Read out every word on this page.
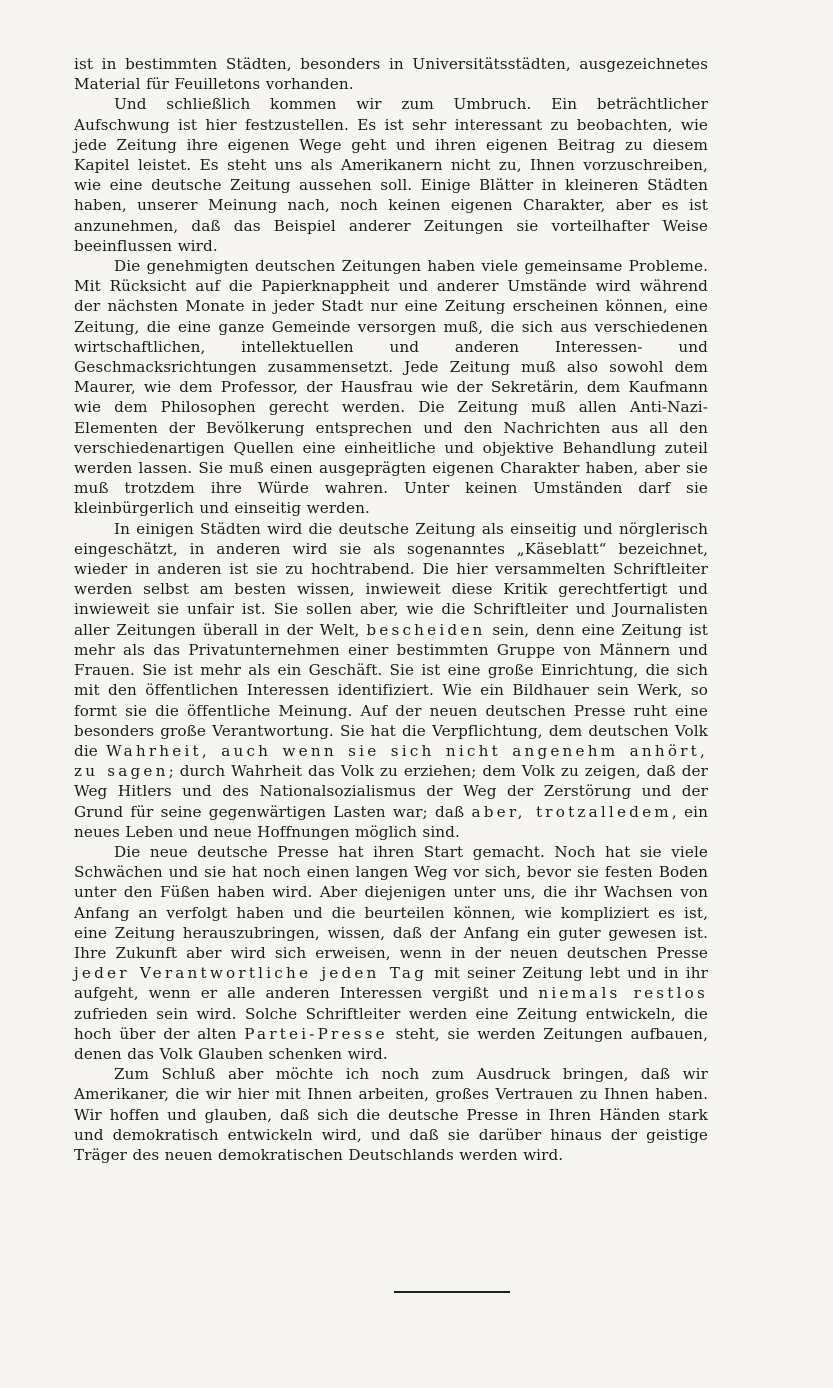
ist in bestimmten Städten, besonders in Universitätsstädten, ausgezeichnetes Material für Feuilletons vorhanden.

Und schließlich kommen wir zum Umbruch. Ein beträchtlicher Aufschwung ist hier festzustellen. Es ist sehr interessant zu beobachten, wie jede Zeitung ihre eigenen Wege geht und ihren eigenen Beitrag zu diesem Kapitel leistet. Es steht uns als Amerikanern nicht zu, Ihnen vorzuschreiben, wie eine deutsche Zeitung aussehen soll. Einige Blätter in kleineren Städten haben, unserer Meinung nach, noch keinen eigenen Charakter, aber es ist anzunehmen, daß das Beispiel anderer Zeitungen sie vorteilhafter Weise beeinflussen wird.

Die genehmigten deutschen Zeitungen haben viele gemeinsame Probleme. Mit Rücksicht auf die Papierknappheit und anderer Umstände wird während der nächsten Monate in jeder Stadt nur eine Zeitung erscheinen können, eine Zeitung, die eine ganze Gemeinde versorgen muß, die sich aus verschiedenen wirtschaftlichen, intellektuellen und anderen Interessen- und Geschmacksrichtungen zusammensetzt. Jede Zeitung muß also sowohl dem Maurer, wie dem Professor, der Hausfrau wie der Sekretärin, dem Kaufmann wie dem Philosophen gerecht werden. Die Zeitung muß allen Anti-Nazi-Elementen der Bevölkerung entsprechen und den Nachrichten aus all den verschiedenartigen Quellen eine einheitliche und objektive Behandlung zuteil werden lassen. Sie muß einen ausgeprägten eigenen Charakter haben, aber sie muß trotzdem ihre Würde wahren. Unter keinen Umständen darf sie kleinbürgerlich und einseitig werden.

In einigen Städten wird die deutsche Zeitung als einseitig und nörglerisch eingeschätzt, in anderen wird sie als sogenanntes „Käseblatt“ bezeichnet, wieder in anderen ist sie zu hochtrabend. Die hier versammelten Schriftleiter werden selbst am besten wissen, inwieweit diese Kritik gerechtfertigt und inwieweit sie unfair ist. Sie sollen aber, wie die Schriftleiter und Journalisten aller Zeitungen überall in der Welt, bescheiden sein, denn eine Zeitung ist mehr als das Privatunternehmen einer bestimmten Gruppe von Männern und Frauen. Sie ist mehr als ein Geschäft. Sie ist eine große Einrichtung, die sich mit den öffentlichen Interessen identifiziert. Wie ein Bildhauer sein Werk, so formt sie die öffentliche Meinung. Auf der neuen deutschen Presse ruht eine besonders große Verantwortung. Sie hat die Verpflichtung, dem deutschen Volk die Wahrheit, auch wenn sie sich nicht angenehm anhört, zu sagen; durch Wahrheit das Volk zu erziehen; dem Volk zu zeigen, daß der Weg Hitlers und des Nationalsozialismus der Weg der Zerstörung und der Grund für seine gegenwärtigen Lasten war; daß aber, trotzalledem, ein neues Leben und neue Hoffnungen möglich sind.

Die neue deutsche Presse hat ihren Start gemacht. Noch hat sie viele Schwächen und sie hat noch einen langen Weg vor sich, bevor sie festen Boden unter den Füßen haben wird. Aber diejenigen unter uns, die ihr Wachsen von Anfang an verfolgt haben und die beurteilen können, wie kompliziert es ist, eine Zeitung herauszubringen, wissen, daß der Anfang ein guter gewesen ist. Ihre Zukunft aber wird sich erweisen, wenn in der neuen deutschen Presse jeder Verantwortliche jeden Tag mit seiner Zeitung lebt und in ihr aufgeht, wenn er alle anderen Interessen vergißt und niemals restlos zufrieden sein wird. Solche Schriftleiter werden eine Zeitung entwickeln, die hoch über der alten Partei-Presse steht, sie werden Zeitungen aufbauen, denen das Volk Glauben schenken wird.

Zum Schluß aber möchte ich noch zum Ausdruck bringen, daß wir Amerikaner, die wir hier mit Ihnen arbeiten, großes Vertrauen zu Ihnen haben. Wir hoffen und glauben, daß sich die deutsche Presse in Ihren Händen stark und demokratisch entwickeln wird, und daß sie darüber hinaus der geistige Träger des neuen demokratischen Deutschlands werden wird.
